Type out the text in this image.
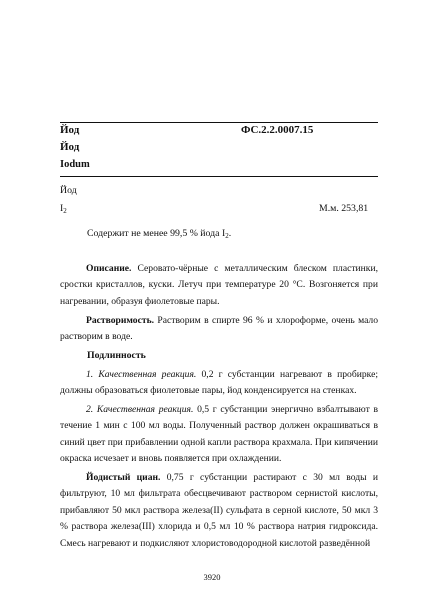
Йод	ФС.2.2.0007.15
Йод
Iodum
Йод
$I_2$	М.м. 253,81
Содержит не менее 99,5 % йода $I_2$.
Описание. Серовато-чёрные с металлическим блеском пластинки, сростки кристаллов, куски. Летуч при температуре 20 °С. Возгоняется при нагревании, образуя фиолетовые пары.
Растворимость. Растворим в спирте 96 % и хлороформе, очень мало растворим в воде.
Подлинность
1. Качественная реакция. 0,2 г субстанции нагревают в пробирке; должны образоваться фиолетовые пары, йод конденсируется на стенках.
2. Качественная реакция. 0,5 г субстанции энергично взбалтывают в течение 1 мин с 100 мл воды. Полученный раствор должен окрашиваться в синий цвет при прибавлении одной капли раствора крахмала. При кипячении окраска исчезает и вновь появляется при охлаждении.
Йодистый циан. 0,75 г субстанции растирают с 30 мл воды и фильтруют, 10 мл фильтрата обесцвечивают раствором сернистой кислоты, прибавляют 50 мкл раствора железа(II) сульфата в серной кислоте, 50 мкл 3 % раствора железа(III) хлорида и 0,5 мл 10 % раствора натрия гидроксида. Смесь нагревают и подкисляют хлористоводородной кислотой разведённой
3920
